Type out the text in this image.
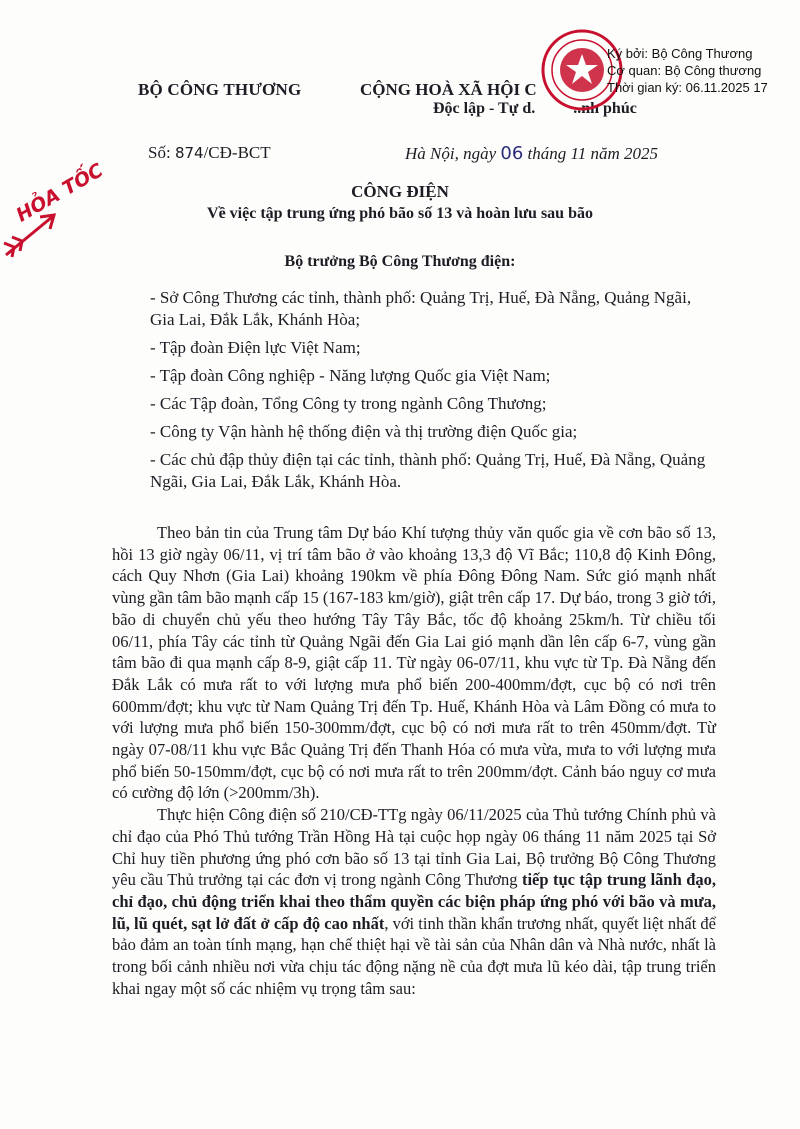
BỘ CÔNG THƯƠNG	CỘNG HOÀ XÃ HỘI C
Độc lập - Tự d. ..nh phúc
Ký bởi: Bộ Công Thương
Cơ quan: Bộ Công thương
Thời gian ký: 06.11.2025 17
Số: 874/CĐ-BCT	Hà Nội, ngày 06 tháng 11 năm 2025
HỎA TỐC	CÔNG ĐIỆN
Về việc tập trung ứng phó bão số 13 và hoàn lưu sau bão
Bộ trưởng Bộ Công Thương điện:

- Sở Công Thương các tỉnh, thành phố: Quảng Trị, Huế, Đà Nẵng, Quảng Ngãi, Gia Lai, Đắk Lắk, Khánh Hòa;

- Tập đoàn Điện lực Việt Nam;

- Tập đoàn Công nghiệp - Năng lượng Quốc gia Việt Nam;

- Các Tập đoàn, Tổng Công ty trong ngành Công Thương;

- Công ty Vận hành hệ thống điện và thị trường điện Quốc gia;

- Các chủ đập thủy điện tại các tỉnh, thành phố: Quảng Trị, Huế, Đà Nẵng, Quảng Ngãi, Gia Lai, Đắk Lắk, Khánh Hòa.

Theo bản tin của Trung tâm Dự báo Khí tượng thủy văn quốc gia về cơn bão số 13, hồi 13 giờ ngày 06/11, vị trí tâm bão ở vào khoảng 13,3 độ Vĩ Bắc; 110,8 độ Kinh Đông, cách Quy Nhơn (Gia Lai) khoảng 190km về phía Đông Đông Nam. Sức gió mạnh nhất vùng gần tâm bão mạnh cấp 15 (167-183 km/giờ), giật trên cấp 17. Dự báo, trong 3 giờ tới, bão di chuyển chủ yếu theo hướng Tây Tây Bắc, tốc độ khoảng 25km/h. Từ chiều tối 06/11, phía Tây các tỉnh từ Quảng Ngãi đến Gia Lai gió mạnh dần lên cấp 6-7, vùng gần tâm bão đi qua mạnh cấp 8-9, giật cấp 11. Từ ngày 06-07/11, khu vực từ Tp. Đà Nẵng đến Đắk Lắk có mưa rất to với lượng mưa phổ biến 200-400mm/đợt, cục bộ có nơi trên 600mm/đợt; khu vực từ Nam Quảng Trị đến Tp. Huế, Khánh Hòa và Lâm Đồng có mưa to với lượng mưa phổ biến 150-300mm/đợt, cục bộ có nơi mưa rất to trên 450mm/đợt. Từ ngày 07-08/11 khu vực Bắc Quảng Trị đến Thanh Hóa có mưa vừa, mưa to với lượng mưa phổ biến 50-150mm/đợt, cục bộ có nơi mưa rất to trên 200mm/đợt. Cảnh báo nguy cơ mưa có cường độ lớn (>200mm/3h).

Thực hiện Công điện số 210/CĐ-TTg ngày 06/11/2025 của Thủ tướng Chính phủ và chỉ đạo của Phó Thủ tướng Trần Hồng Hà tại cuộc họp ngày 06 tháng 11 năm 2025 tại Sở Chỉ huy tiền phương ứng phó cơn bão số 13 tại tỉnh Gia Lai, Bộ trưởng Bộ Công Thương yêu cầu Thủ trưởng tại các đơn vị trong ngành Công Thương tiếp tục tập trung lãnh đạo, chỉ đạo, chủ động triển khai theo thẩm quyền các biện pháp ứng phó với bão và mưa, lũ, lũ quét, sạt lở đất ở cấp độ cao nhất, với tinh thần khẩn trương nhất, quyết liệt nhất để bảo đảm an toàn tính mạng, hạn chế thiệt hại về tài sản của Nhân dân và Nhà nước, nhất là trong bối cảnh nhiều nơi vừa chịu tác động nặng nề của đợt mưa lũ kéo dài, tập trung triển khai ngay một số các nhiệm vụ trọng tâm sau:
